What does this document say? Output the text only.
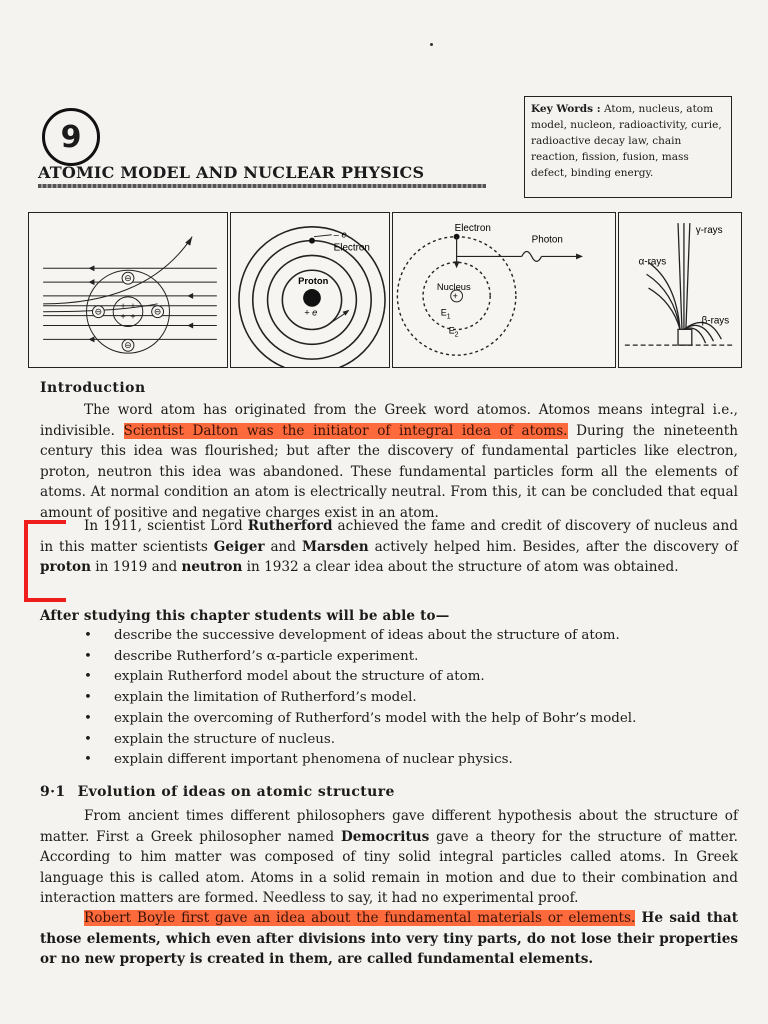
9
ATOMIC MODEL AND NUCLEAR PHYSICS
Key Words : Atom, nucleus, atom model, nucleon, radioactivity, curie, radioactive decay law, chain reaction, fission, fusion, mass defect, binding energy.
⊖
⊖
⊖	⊖
+ +
+ +
– e
Electron
Proton
+ e
+
Electron
Photon
Nucleus
$E_1$
$E_2$
γ-rays
α-rays
β-rays
Introduction
The word atom has originated from the Greek word atomos. Atomos means integral i.e., indivisible. Scientist Dalton was the initiator of integral idea of atoms. During the nineteenth century this idea was flourished; but after the discovery of fundamental particles like electron, proton, neutron this idea was abandoned. These fundamental particles form all the elements of atoms. At normal condition an atom is electrically neutral. From this, it can be concluded that equal amount of positive and negative charges exist in an atom.
In 1911, scientist Lord Rutherford achieved the fame and credit of discovery of nucleus and in this matter scientists Geiger and Marsden actively helped him. Besides, after the discovery of proton in 1919 and neutron in 1932 a clear idea about the structure of atom was obtained.
After studying this chapter students will be able to—
• describe the successive development of ideas about the structure of atom.
• describe Rutherford’s α-particle experiment.
• explain Rutherford model about the structure of atom.
• explain the limitation of Rutherford’s model.
• explain the overcoming of Rutherford’s model with the help of Bohr’s model.
• explain the structure of nucleus.
• explain different important phenomena of nuclear physics.
9·1 Evolution of ideas on atomic structure
From ancient times different philosophers gave different hypothesis about the structure of matter. First a Greek philosopher named Democritus gave a theory for the structure of matter. According to him matter was composed of tiny solid integral particles called atoms. In Greek language this is called atom. Atoms in a solid remain in motion and due to their combination and interaction matters are formed. Needless to say, it had no experimental proof.
Robert Boyle first gave an idea about the fundamental materials or elements. He said that those elements, which even after divisions into very tiny parts, do not lose their properties or no new property is created in them, are called fundamental elements.
